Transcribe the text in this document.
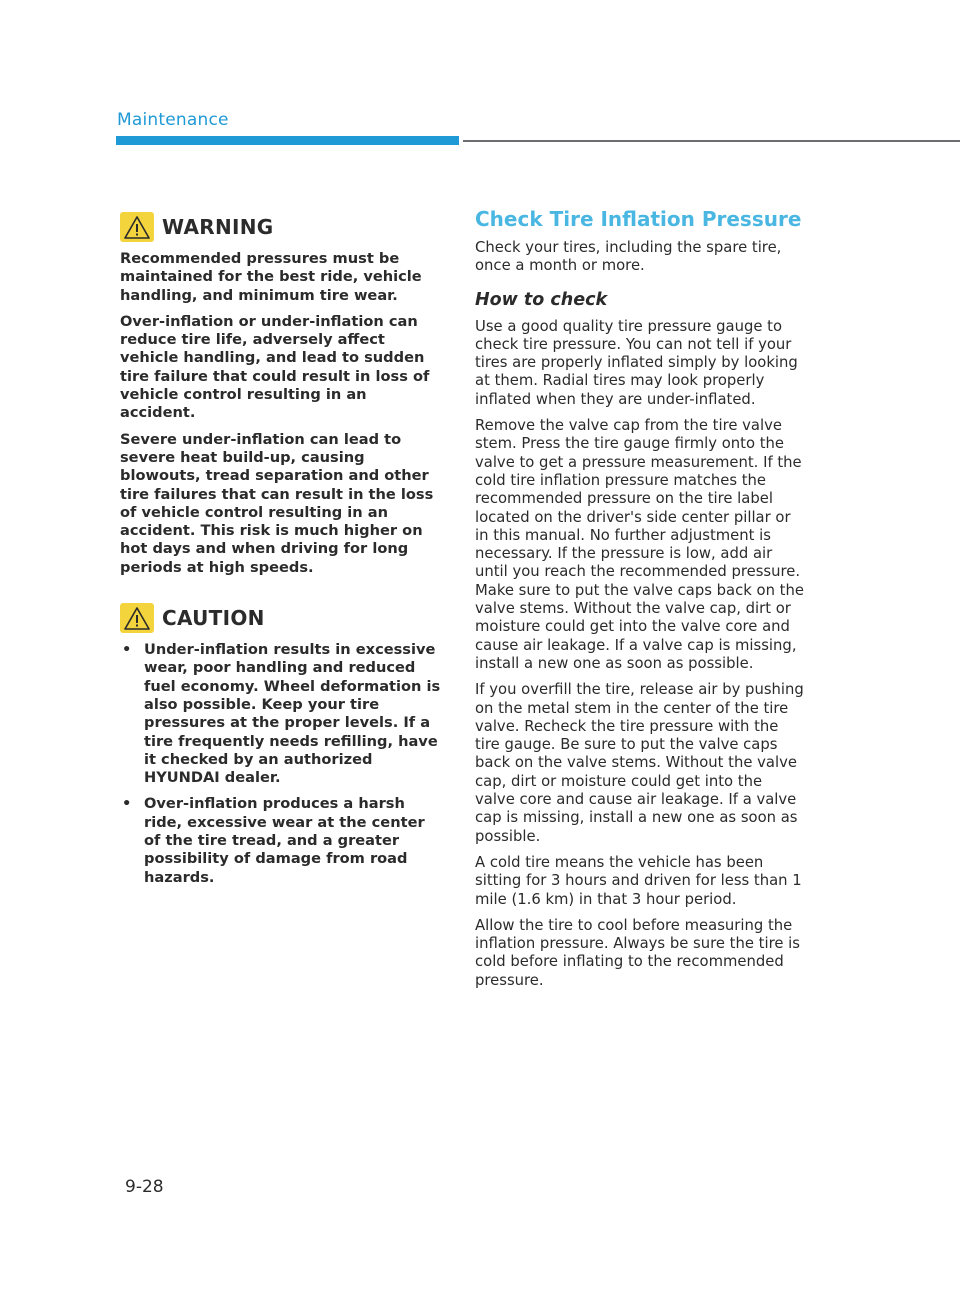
Maintenance
WARNING

Recommended pressures must be maintained for the best ride, vehicle handling, and minimum tire wear.

Over-inflation or under-inflation can reduce tire life, adversely affect vehicle handling, and lead to sudden tire failure that could result in loss of vehicle control resulting in an accident.

Severe under-inflation can lead to severe heat build-up, causing blowouts, tread separation and other tire failures that can result in the loss of vehicle control resulting in an accident. This risk is much higher on hot days and when driving for long periods at high speeds.

CAUTION
• Under-inflation results in excessive wear, poor handling and reduced fuel economy. Wheel deformation is also possible. Keep your tire pressures at the proper levels. If a tire frequently needs refilling, have it checked by an authorized HYUNDAI dealer.
• Over-inflation produces a harsh ride, excessive wear at the center of the tire tread, and a greater possibility of damage from road hazards.
Check Tire Inflation Pressure

Check your tires, including the spare tire, once a month or more.

How to check

Use a good quality tire pressure gauge to check tire pressure. You can not tell if your tires are properly inflated simply by looking at them. Radial tires may look properly inflated when they are under-inflated.

Remove the valve cap from the tire valve stem. Press the tire gauge firmly onto the valve to get a pressure measurement. If the cold tire inflation pressure matches the recommended pressure on the tire label located on the driver's side center pillar or in this manual. No further adjustment is necessary. If the pressure is low, add air until you reach the recommended pressure. Make sure to put the valve caps back on the valve stems. Without the valve cap, dirt or moisture could get into the valve core and cause air leakage. If a valve cap is missing, install a new one as soon as possible.

If you overfill the tire, release air by pushing on the metal stem in the center of the tire valve. Recheck the tire pressure with the tire gauge. Be sure to put the valve caps back on the valve stems. Without the valve cap, dirt or moisture could get into the valve core and cause air leakage. If a valve cap is missing, install a new one as soon as possible.

A cold tire means the vehicle has been sitting for 3 hours and driven for less than 1 mile (1.6 km) in that 3 hour period.

Allow the tire to cool before measuring the inflation pressure. Always be sure the tire is cold before inflating to the recommended pressure.

9-28
